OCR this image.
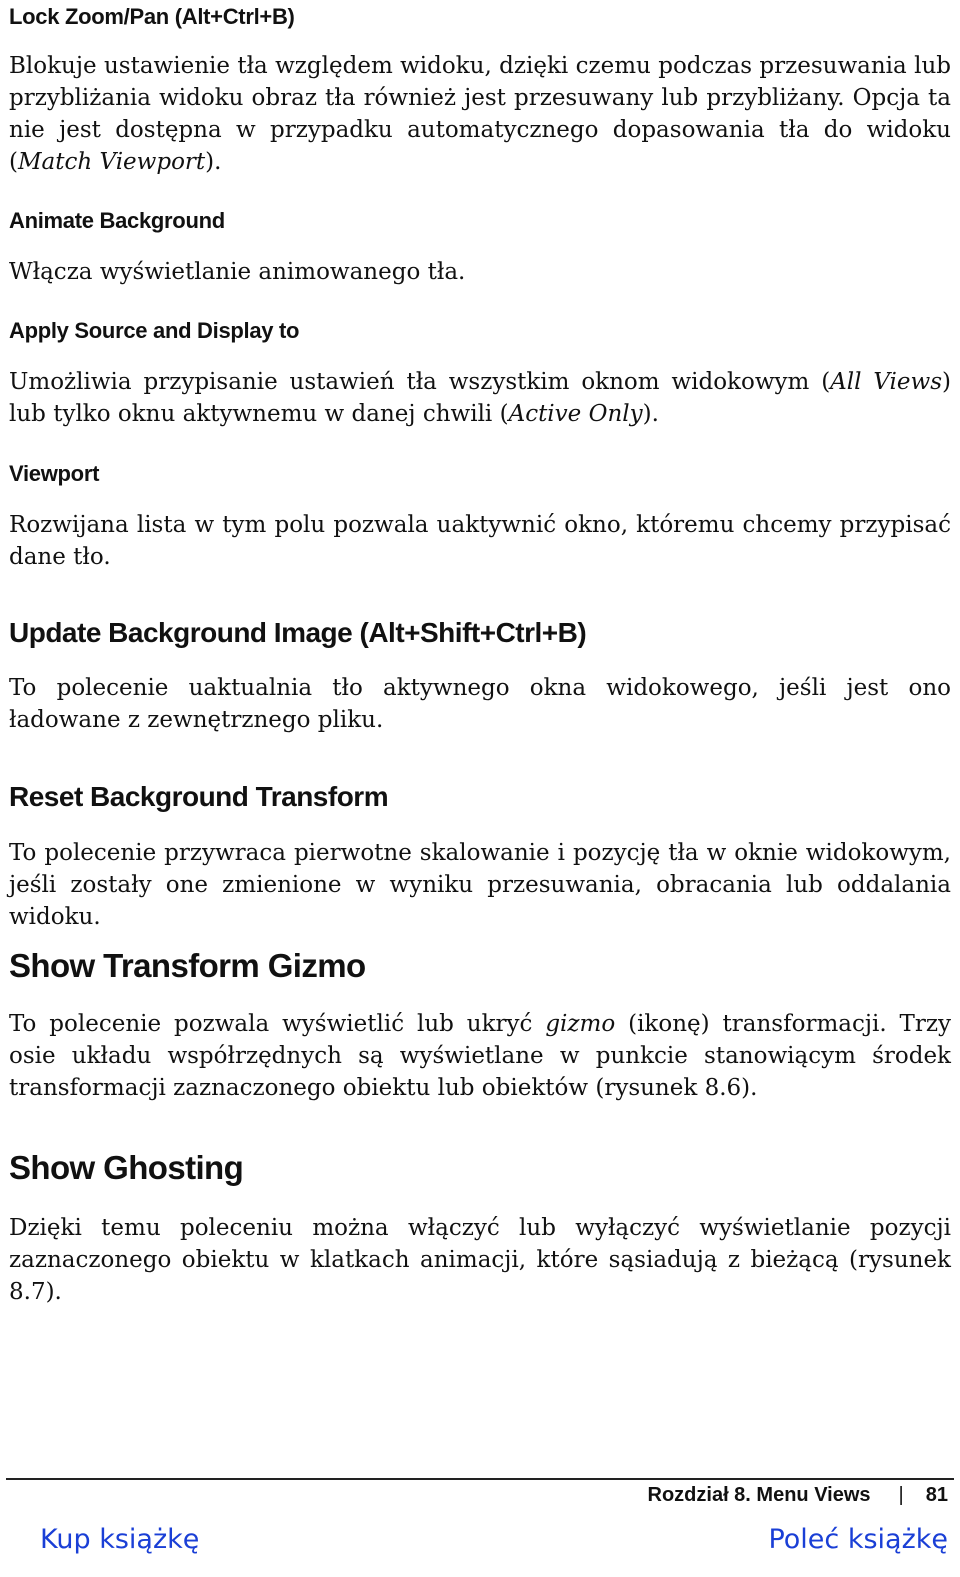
Lock Zoom/Pan (Alt+Ctrl+B)
Blokuje ustawienie tła względem widoku, dzięki czemu podczas przesuwania lub przybliżania widoku obraz tła również jest przesuwany lub przybliżany. Opcja ta nie jest dostępna w przypadku automatycznego dopasowania tła do widoku (Match Viewport).
Animate Background
Włącza wyświetlanie animowanego tła.
Apply Source and Display to
Umożliwia przypisanie ustawień tła wszystkim oknom widokowym (All Views) lub tylko oknu aktywnemu w danej chwili (Active Only).
Viewport
Rozwijana lista w tym polu pozwala uaktywnić okno, któremu chcemy przypisać dane tło.
Update Background Image (Alt+Shift+Ctrl+B)
To polecenie uaktualnia tło aktywnego okna widokowego, jeśli jest ono ładowane z zewnętrznego pliku.
Reset Background Transform
To polecenie przywraca pierwotne skalowanie i pozycję tła w oknie widokowym, jeśli zostały one zmienione w wyniku przesuwania, obracania lub oddalania widoku.
Show Transform Gizmo
To polecenie pozwala wyświetlić lub ukryć gizmo (ikonę) transformacji. Trzy osie układu współrzędnych są wyświetlane w punkcie stanowiącym środek transformacji zaznaczonego obiektu lub obiektów (rysunek 8.6).
Show Ghosting
Dzięki temu poleceniu można włączyć lub wyłączyć wyświetlanie pozycji zaznaczonego obiektu w klatkach animacji, które sąsiadują z bieżącą (rysunek 8.7).
Rozdział 8. Menu Views | 81
Kup książkę	Poleć książkę
